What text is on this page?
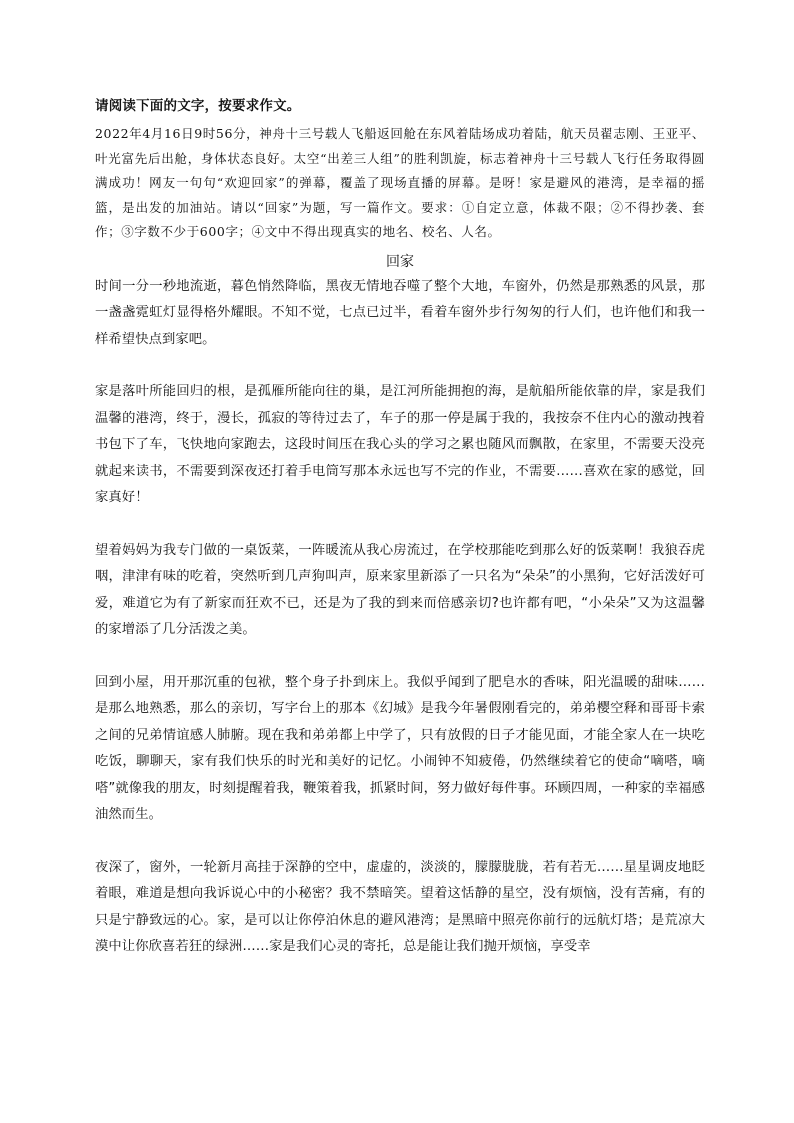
请阅读下面的文字，按要求作文。

2022年4月16日9时56分，神舟十三号载人飞船返回舱在东风着陆场成功着陆，航天员翟志刚、王亚平、叶光富先后出舱，身体状态良好。太空“出差三人组”的胜利凯旋，标志着神舟十三号载人飞行任务取得圆满成功！网友一句句“欢迎回家”的弹幕，覆盖了现场直播的屏幕。是呀！家是避风的港湾，是幸福的摇篮，是出发的加油站。请以“回家”为题，写一篇作文。要求：①自定立意，体裁不限；②不得抄袭、套作；③字数不少于600字；④文中不得出现真实的地名、校名、人名。

回家

时间一分一秒地流逝，暮色悄然降临，黑夜无情地吞噬了整个大地，车窗外，仍然是那熟悉的风景，那一盏盏霓虹灯显得格外耀眼。不知不觉，七点已过半，看着车窗外步行匆匆的行人们，也许他们和我一样希望快点到家吧。

家是落叶所能回归的根，是孤雁所能向往的巢，是江河所能拥抱的海，是航船所能依靠的岸，家是我们温馨的港湾，终于，漫长，孤寂的等待过去了，车子的那一停是属于我的，我按奈不住内心的激动拽着书包下了车，飞快地向家跑去，这段时间压在我心头的学习之累也随风而飘散，在家里，不需要天没亮就起来读书，不需要到深夜还打着手电筒写那本永远也写不完的作业，不需要……喜欢在家的感觉，回家真好！

望着妈妈为我专门做的一桌饭菜，一阵暖流从我心房流过，在学校那能吃到那么好的饭菜啊！我狼吞虎咽，津津有味的吃着，突然听到几声狗叫声，原来家里新添了一只名为“朵朵”的小黑狗，它好活泼好可爱，难道它为有了新家而狂欢不已，还是为了我的到来而倍感亲切?也许都有吧，“小朵朵”又为这温馨的家增添了几分活泼之美。

回到小屋，用开那沉重的包袱，整个身子扑到床上。我似乎闻到了肥皂水的香味，阳光温暖的甜味……是那么地熟悉，那么的亲切，写字台上的那本《幻城》是我今年暑假刚看完的，弟弟樱空释和哥哥卡索之间的兄弟情谊感人肺腑。现在我和弟弟都上中学了，只有放假的日子才能见面，才能全家人在一块吃吃饭，聊聊天，家有我们快乐的时光和美好的记忆。小闹钟不知疲倦，仍然继续着它的使命“嘀嗒，嘀嗒”就像我的朋友，时刻提醒着我，鞭策着我，抓紧时间，努力做好每件事。环顾四周，一种家的幸福感油然而生。

夜深了，窗外，一轮新月高挂于深静的空中，虚虚的，淡淡的，朦朦胧胧，若有若无……星星调皮地眨着眼，难道是想向我诉说心中的小秘密？我不禁暗笑。望着这恬静的星空，没有烦恼，没有苦痛，有的只是宁静致远的心。家，是可以让你停泊休息的避风港湾；是黑暗中照亮你前行的远航灯塔；是荒凉大漠中让你欣喜若狂的绿洲……家是我们心灵的寄托，总是能让我们抛开烦恼，享受幸
